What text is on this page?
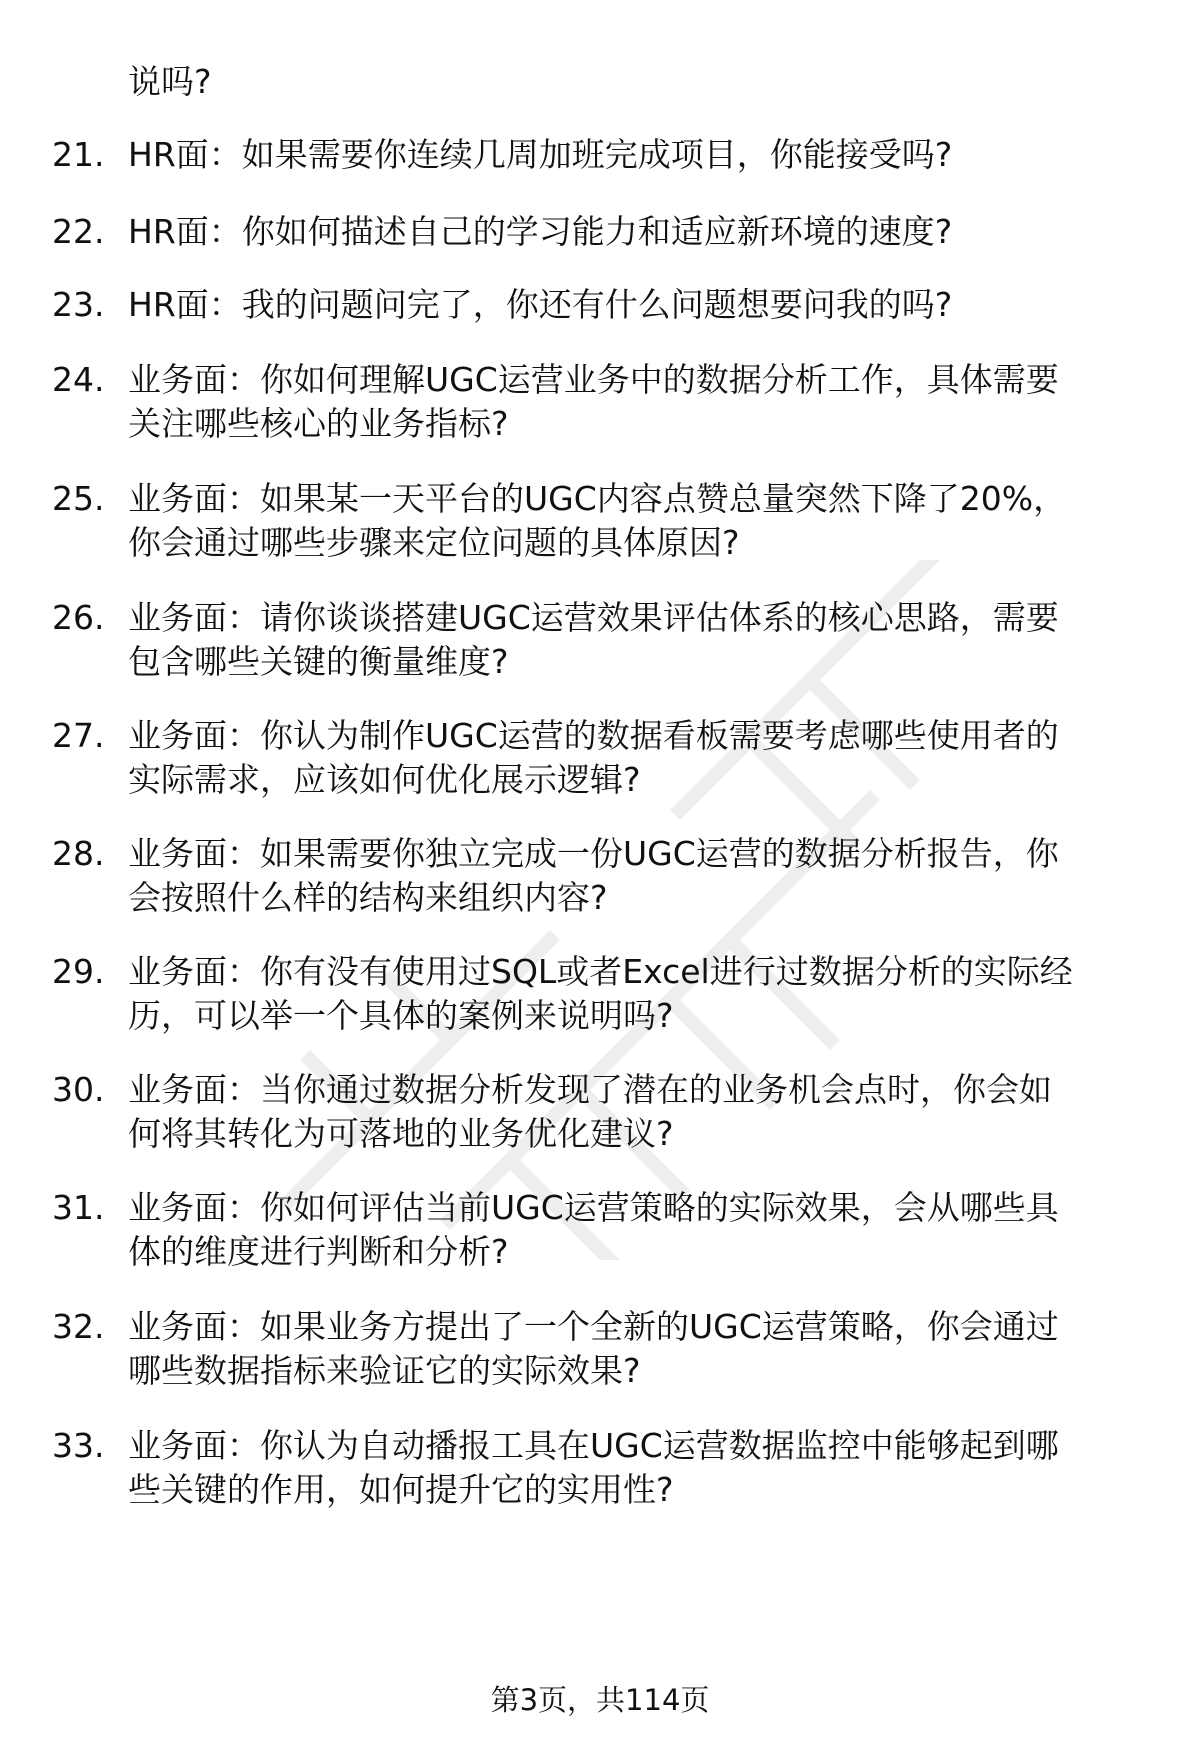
说吗?
21. HR面：如果需要你连续几周加班完成项目，你能接受吗?
22. HR面：你如何描述自己的学习能力和适应新环境的速度?
23. HR面：我的问题问完了，你还有什么问题想要问我的吗?
24. 业务面：你如何理解UGC运营业务中的数据分析工作，具体需要
关注哪些核心的业务指标?
25. 业务面：如果某一天平台的UGC内容点赞总量突然下降了20%，
你会通过哪些步骤来定位问题的具体原因?
26. 业务面：请你谈谈搭建UGC运营效果评估体系的核心思路，需要
包含哪些关键的衡量维度?
27. 业务面：你认为制作UGC运营的数据看板需要考虑哪些使用者的
实际需求，应该如何优化展示逻辑?
28. 业务面：如果需要你独立完成一份UGC运营的数据分析报告，你
会按照什么样的结构来组织内容?
29. 业务面：你有没有使用过SQL或者Excel进行过数据分析的实际经
历，可以举一个具体的案例来说明吗?
30. 业务面：当你通过数据分析发现了潜在的业务机会点时，你会如
何将其转化为可落地的业务优化建议?
31. 业务面：你如何评估当前UGC运营策略的实际效果，会从哪些具
体的维度进行判断和分析?
32. 业务面：如果业务方提出了一个全新的UGC运营策略，你会通过
哪些数据指标来验证它的实际效果?
33. 业务面：你认为自动播报工具在UGC运营数据监控中能够起到哪
些关键的作用，如何提升它的实用性?
第3页，共114页
